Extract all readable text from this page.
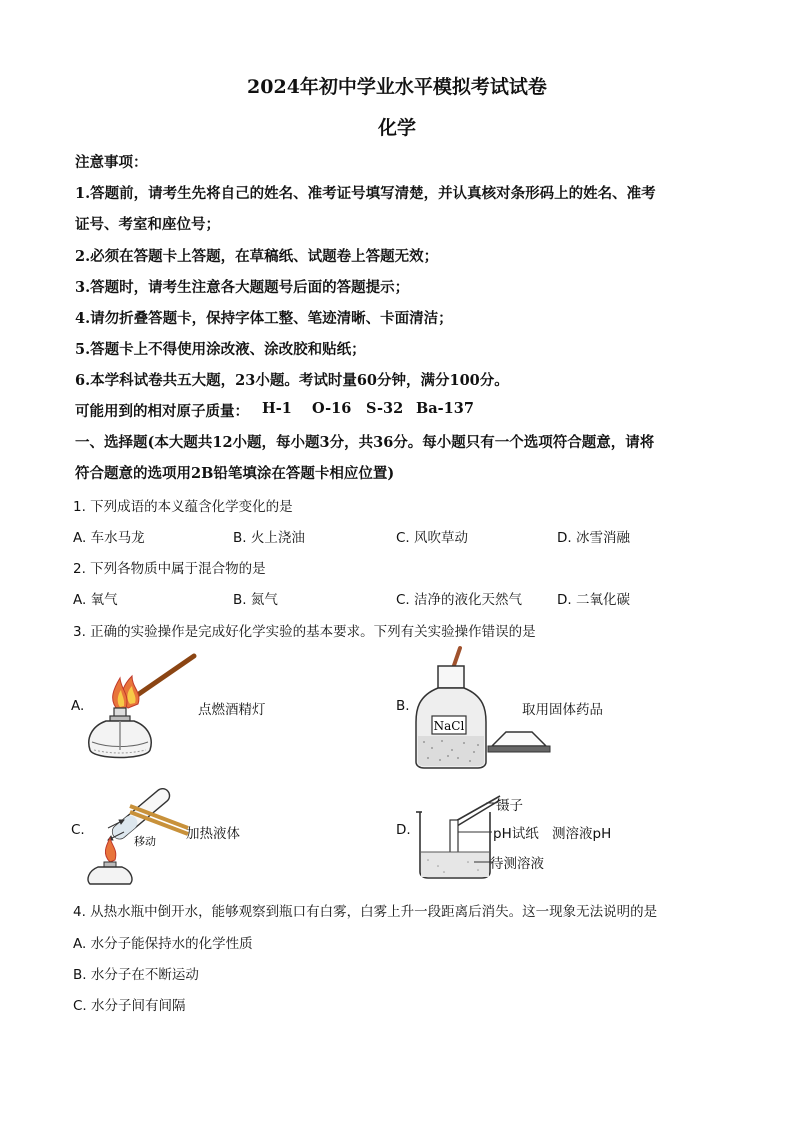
2024年初中学业水平模拟考试试卷
化学
注意事项：
1.答题前，请考生先将自己的姓名、准考证号填写清楚，并认真核对条形码上的姓名、准考
证号、考室和座位号；
2.必须在答题卡上答题，在草稿纸、试题卷上答题无效；
3.答题时，请考生注意各大题题号后面的答题提示；
4.请勿折叠答题卡，保持字体工整、笔迹清晰、卡面清洁；
5.答题卡上不得使用涂改液、涂改胶和贴纸；
6.本学科试卷共五大题，23小题。考试时量60分钟，满分100分。
可能用到的相对原子质量： H-1 O-16 S-32 Ba-137
一、选择题(本大题共12小题，每小题3分，共36分。每小题只有一个选项符合题意，请将
符合题意的选项用2B铅笔填涂在答题卡相应位置)
1. 下列成语的本义蕴含化学变化的是
A. 车水马龙	B. 火上浇油	C. 风吹草动	D. 冰雪消融
2. 下列各物质中属于混合物的是
A. 氧气	B. 氮气	C. 洁净的液化天然气	D. 二氧化碳
3. 正确的实验操作是完成好化学实验的基本要求。下列有关实验操作错误的是
A.	点燃酒精灯	B.
NaCl
取用固体药品
C.
移动 加热液体	D.
镊子
pH试纸 测溶液pH
待测溶液
4. 从热水瓶中倒开水，能够观察到瓶口有白雾，白雾上升一段距离后消失。这一现象无法说明的是
A. 水分子能保持水的化学性质
B. 水分子在不断运动
C. 水分子间有间隔
